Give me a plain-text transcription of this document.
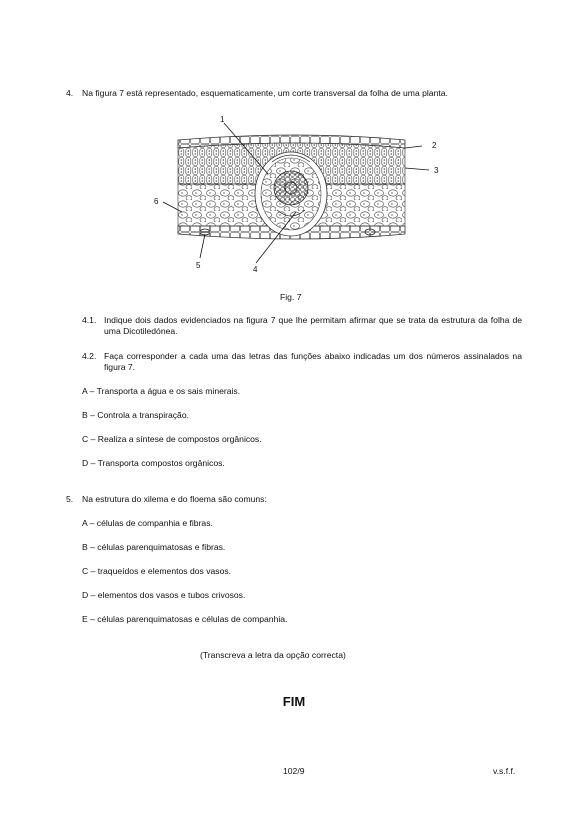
4. Na figura 7 está representado, esquematicamente, um corte transversal da folha de uma planta.
1
2
3
4
5
6
Fig. 7
4.1. Indique dois dados evidenciados na figura 7 que lhe permitam afirmar que se trata da estrutura da folha de uma Dicotiledónea.
4.2. Faça corresponder a cada uma das letras das funções abaixo indicadas um dos números assinalados na figura 7.
A – Transporta a água e os sais minerais.
B – Controla a transpiração.
C – Realiza a síntese de compostos orgânicos.
D – Transporta compostos orgânicos.
5. Na estrutura do xilema e do floema são comuns:
A – células de companhia e fibras.
B – células parenquimatosas e fibras.
C – traqueídos e elementos dos vasos.
D – elementos dos vasos e tubos crivosos.
E – células parenquimatosas e células de companhia.
(Transcreva a letra da opção correcta)
FIM
102/9	v.s.f.f.
